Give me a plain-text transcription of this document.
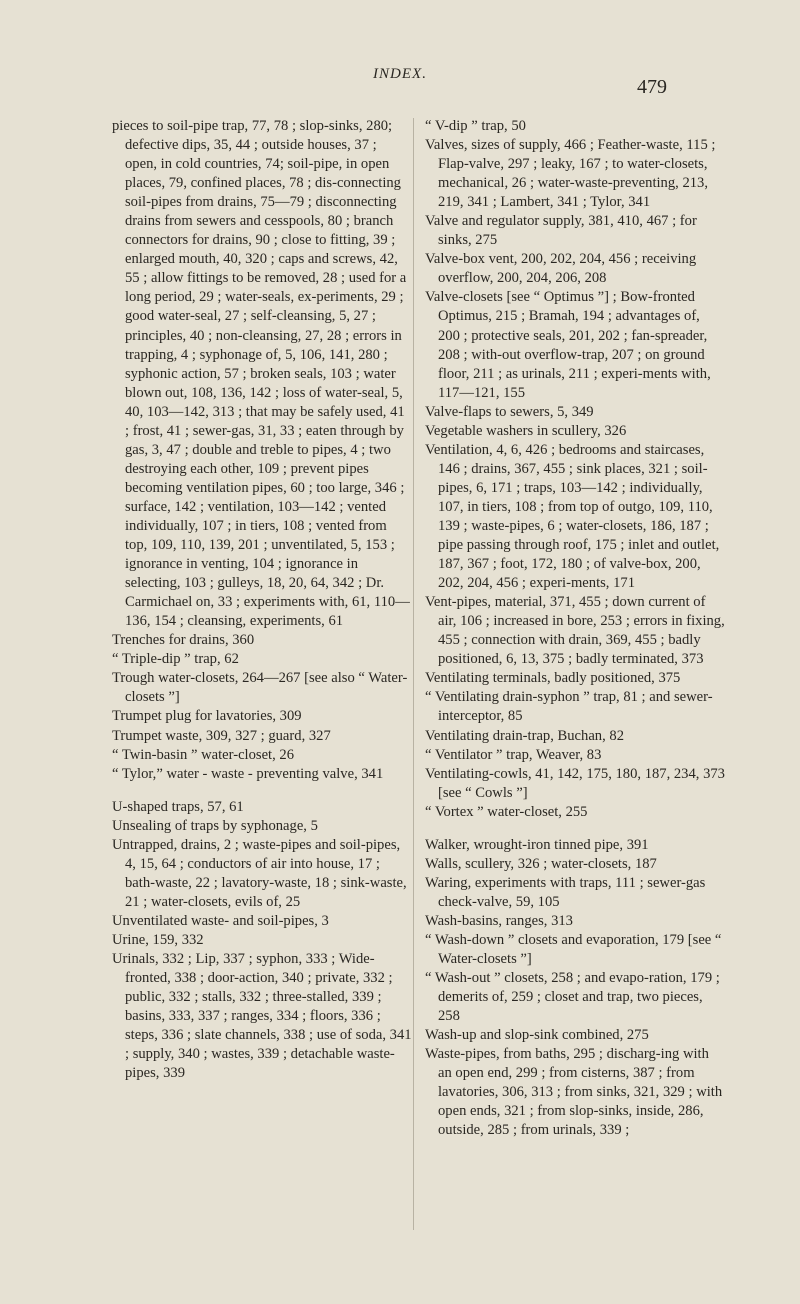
INDEX.
479

pieces to soil-pipe trap, 77, 78 ; slop-sinks, 280; defective dips, 35, 44 ; outside houses, 37 ; open, in cold countries, 74; soil-pipe, in open places, 79, confined places, 78 ; dis-connecting soil-pipes from drains, 75—79 ; disconnecting drains from sewers and cesspools, 80 ; branch connectors for drains, 90 ; close to fitting, 39 ; enlarged mouth, 40, 320 ; caps and screws, 42, 55 ; allow fittings to be removed, 28 ; used for a long period, 29 ; water-seals, ex-periments, 29 ; good water-seal, 27 ; self-cleansing, 5, 27 ; principles, 40 ; non-cleansing, 27, 28 ; errors in trapping, 4 ; syphonage of, 5, 106, 141, 280 ; syphonic action, 57 ; broken seals, 103 ; water blown out, 108, 136, 142 ; loss of water-seal, 5, 40, 103—142, 313 ; that may be safely used, 41 ; frost, 41 ; sewer-gas, 31, 33 ; eaten through by gas, 3, 47 ; double and treble to pipes, 4 ; two destroying each other, 109 ; prevent pipes becoming ventilation pipes, 60 ; too large, 346 ; surface, 142 ; ventilation, 103—142 ; vented individually, 107 ; in tiers, 108 ; vented from top, 109, 110, 139, 201 ; unventilated, 5, 153 ; ignorance in venting, 104 ; ignorance in selecting, 103 ; gulleys, 18, 20, 64, 342 ; Dr. Carmichael on, 33 ; experiments with, 61, 110—136, 154 ; cleansing, experiments, 61

Trenches for drains, 360

“ Triple-dip ” trap, 62

Trough water-closets, 264—267 [see also “ Water-closets ”]

Trumpet plug for lavatories, 309

Trumpet waste, 309, 327 ; guard, 327

“ Twin-basin ” water-closet, 26

“ Tylor,” water - waste - preventing valve, 341

U-shaped traps, 57, 61

Unsealing of traps by syphonage, 5

Untrapped, drains, 2 ; waste-pipes and soil-pipes, 4, 15, 64 ; conductors of air into house, 17 ; bath-waste, 22 ; lavatory-waste, 18 ; sink-waste, 21 ; water-closets, evils of, 25

Unventilated waste- and soil-pipes, 3

Urine, 159, 332

Urinals, 332 ; Lip, 337 ; syphon, 333 ; Wide-fronted, 338 ; door-action, 340 ; private, 332 ; public, 332 ; stalls, 332 ; three-stalled, 339 ; basins, 333, 337 ; ranges, 334 ; floors, 336 ; steps, 336 ; slate channels, 338 ; use of soda, 341 ; supply, 340 ; wastes, 339 ; detachable waste-pipes, 339

“ V-dip ” trap, 50

Valves, sizes of supply, 466 ; Feather-waste, 115 ; Flap-valve, 297 ; leaky, 167 ; to water-closets, mechanical, 26 ; water-waste-preventing, 213, 219, 341 ; Lambert, 341 ; Tylor, 341

Valve and regulator supply, 381, 410, 467 ; for sinks, 275

Valve-box vent, 200, 202, 204, 456 ; receiving overflow, 200, 204, 206, 208

Valve-closets [see “ Optimus ”] ; Bow-fronted Optimus, 215 ; Bramah, 194 ; advantages of, 200 ; protective seals, 201, 202 ; fan-spreader, 208 ; with-out overflow-trap, 207 ; on ground floor, 211 ; as urinals, 211 ; experi-ments with, 117—121, 155

Valve-flaps to sewers, 5, 349

Vegetable washers in scullery, 326

Ventilation, 4, 6, 426 ; bedrooms and staircases, 146 ; drains, 367, 455 ; sink places, 321 ; soil-pipes, 6, 171 ; traps, 103—142 ; individually, 107, in tiers, 108 ; from top of outgo, 109, 110, 139 ; waste-pipes, 6 ; water-closets, 186, 187 ; pipe passing through roof, 175 ; inlet and outlet, 187, 367 ; foot, 172, 180 ; of valve-box, 200, 202, 204, 456 ; experi-ments, 171

Vent-pipes, material, 371, 455 ; down current of air, 106 ; increased in bore, 253 ; errors in fixing, 455 ; connection with drain, 369, 455 ; badly positioned, 6, 13, 375 ; badly terminated, 373

Ventilating terminals, badly positioned, 375

“ Ventilating drain-syphon ” trap, 81 ; and sewer-interceptor, 85

Ventilating drain-trap, Buchan, 82

“ Ventilator ” trap, Weaver, 83

Ventilating-cowls, 41, 142, 175, 180, 187, 234, 373 [see “ Cowls ”]

“ Vortex ” water-closet, 255

Walker, wrought-iron tinned pipe, 391

Walls, scullery, 326 ; water-closets, 187

Waring, experiments with traps, 111 ; sewer-gas check-valve, 59, 105

Wash-basins, ranges, 313

“ Wash-down ” closets and evaporation, 179 [see “ Water-closets ”]

“ Wash-out ” closets, 258 ; and evapo-ration, 179 ; demerits of, 259 ; closet and trap, two pieces, 258

Wash-up and slop-sink combined, 275

Waste-pipes, from baths, 295 ; discharg-ing with an open end, 299 ; from cisterns, 387 ; from lavatories, 306, 313 ; from sinks, 321, 329 ; with open ends, 321 ; from slop-sinks, inside, 286, outside, 285 ; from urinals, 339 ;
